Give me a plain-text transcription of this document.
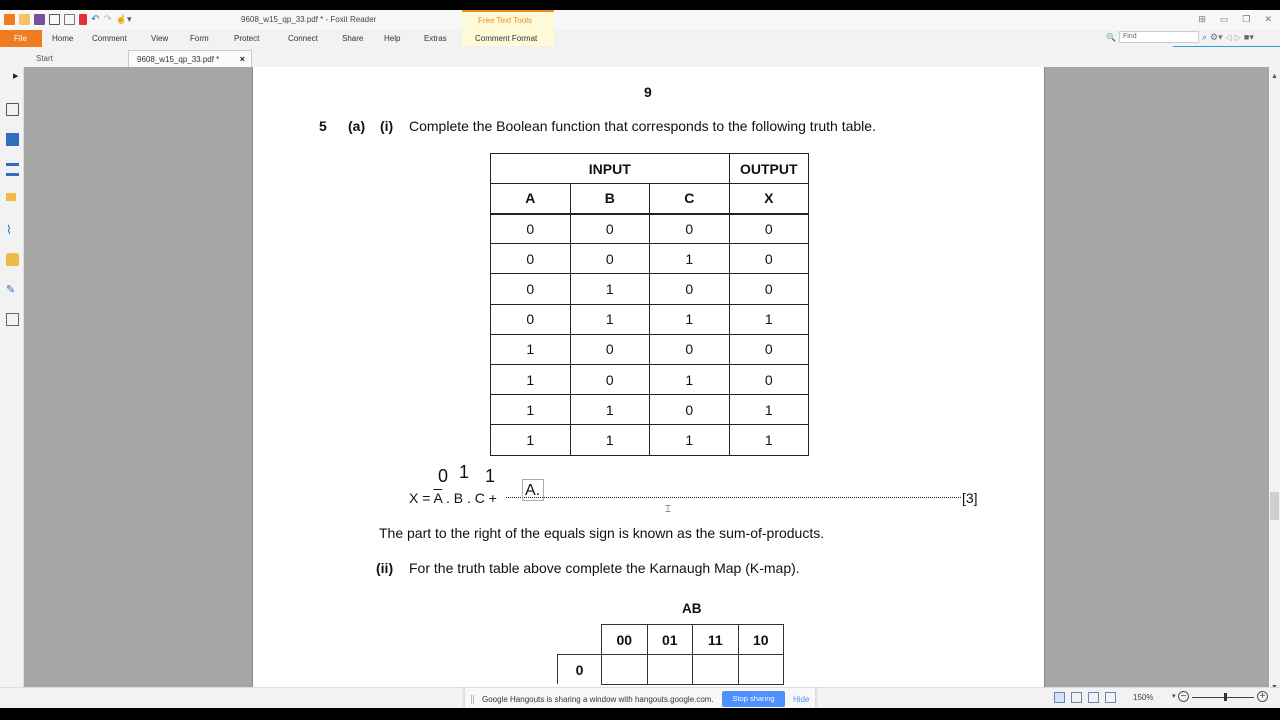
↶ ↷ ☝▾	9608_w15_qp_33.pdf * - Foxit Reader	⊞ ▭ ❐ ✕
Free Text Tools
File	Home Comment	View	Form	Protect	Connect	Share	Help	Extras	Comment Format	🔍	Find	⌕ ⚙▾ ◁ ▷ ■▾
Start	9608_w15_qp_33.pdf * ×
▶
⌇
✎
9
5 (a) (i) Complete the Boolean function that corresponds to the following truth table.
INPUT			OUTPUT
A	B	C	X
0	0	0	0
0	0	1	0
0	1	0	0
0	1	1	1
1	0	0	0
1	0	1	0
1	1	0	1
1	1	1	1
0 1 1
$X = \overline{A}$ . B . C + A.	[3]
⌶
The part to the right of the equals sign is known as the sum-of-products.
(ii) For the truth table above complete the Karnaugh Map (K-map).
AB
00	01	11	10

0
▲
150%	▾ −	+
Google Hangouts is sharing a window with hangouts.google.com.	Stop sharing	Hide
